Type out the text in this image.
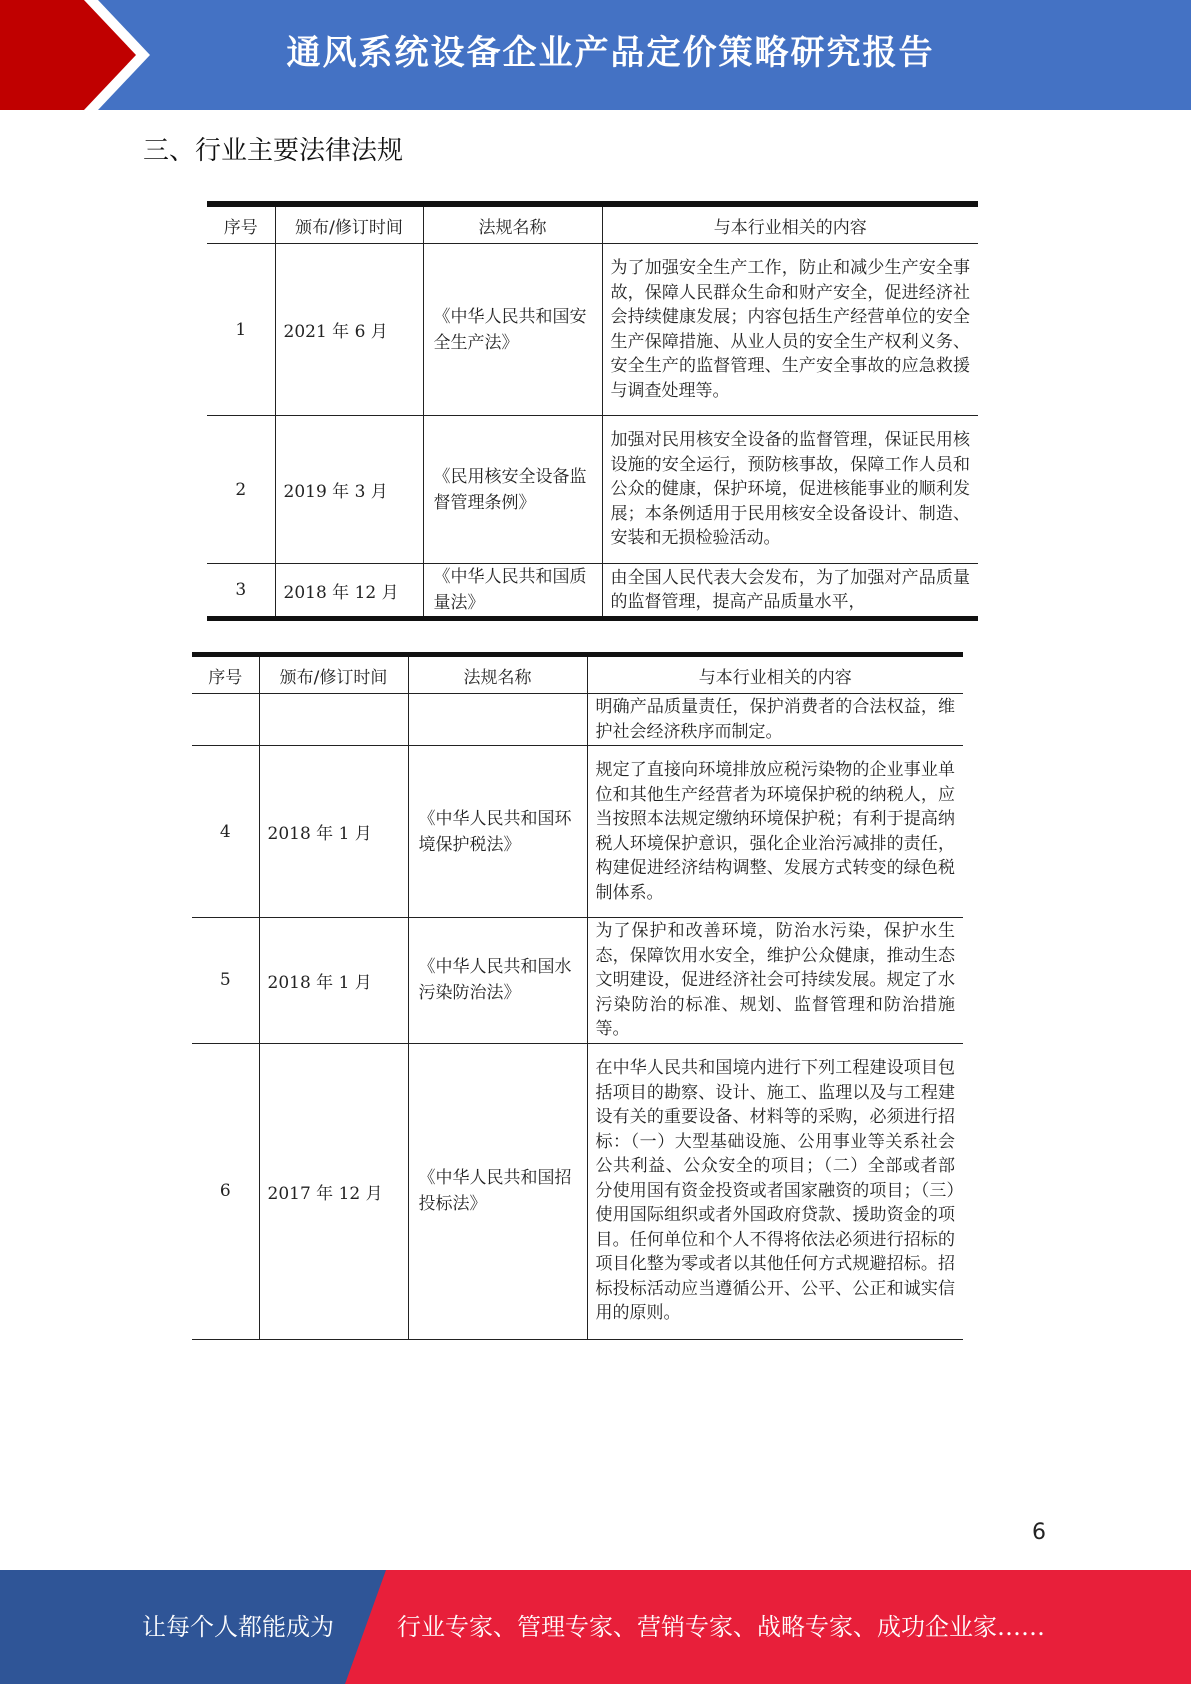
通风系统设备企业产品定价策略研究报告
三、行业主要法律法规
序号	颁布/修订时间	法规名称	与本行业相关的内容
1	2021 年 6 月	《中华人民共和国安全生产法》	为了加强安全生产工作，防止和减少生产安全事故，保障人民群众生命和财产安全，促进经济社会持续健康发展；内容包括生产经营单位的安全生产保障措施、从业人员的安全生产权利义务、安全生产的监督管理、生产安全事故的应急救援与调查处理等。
2	2019 年 3 月	《民用核安全设备监督管理条例》	加强对民用核安全设备的监督管理，保证民用核设施的安全运行，预防核事故，保障工作人员和公众的健康，保护环境，促进核能事业的顺利发展；本条例适用于民用核安全设备设计、制造、安装和无损检验活动。
3	2018 年 12 月	《中华人民共和国质量法》	由全国人民代表大会发布，为了加强对产品质量的监督管理，提高产品质量水平，
序号	颁布/修订时间	法规名称	与本行业相关的内容
			明确产品质量责任，保护消费者的合法权益，维护社会经济秩序而制定。
4	2018 年 1 月	《中华人民共和国环境保护税法》	规定了直接向环境排放应税污染物的企业事业单位和其他生产经营者为环境保护税的纳税人，应当按照本法规定缴纳环境保护税；有利于提高纳税人环境保护意识，强化企业治污减排的责任，构建促进经济结构调整、发展方式转变的绿色税制体系。
5	2018 年 1 月	《中华人民共和国水污染防治法》	为了保护和改善环境，防治水污染，保护水生态，保障饮用水安全，维护公众健康，推动生态文明建设，促进经济社会可持续发展。规定了水污染防治的标准、规划、监督管理和防治措施等。
6	2017 年 12 月	《中华人民共和国招投标法》	在中华人民共和国境内进行下列工程建设项目包括项目的勘察、设计、施工、监理以及与工程建设有关的重要设备、材料等的采购，必须进行招标：（一）大型基础设施、公用事业等关系社会公共利益、公众安全的项目；（二）全部或者部分使用国有资金投资或者国家融资的项目；（三）使用国际组织或者外国政府贷款、援助资金的项目。任何单位和个人不得将依法必须进行招标的项目化整为零或者以其他任何方式规避招标。招标投标活动应当遵循公开、公平、公正和诚实信用的原则。
6
让每个人都能成为	行业专家、管理专家、营销专家、战略专家、成功企业家……
